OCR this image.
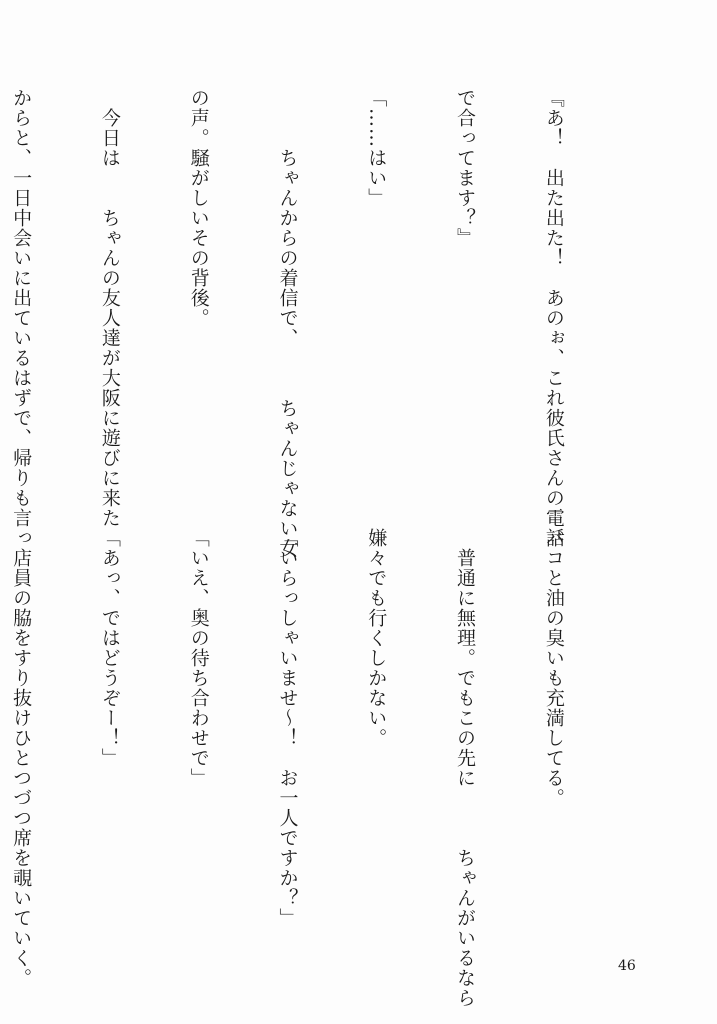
『あ！　出た出た！　あのぉ、これ彼氏さんの電話

で合ってます？』

「……はい」

　　　ちゃんからの着信で、　　　ちゃんじゃない女

の声。騒がしいその背後。

　今日は　　ちゃんの友人達が大阪に遊びに来た

からと、一日中会いに出ているはずで、帰りも言っ

バコと油の臭いも充満してる。

　普通に無理。でもこの先に　　　ちゃんがいるなら

嫌々でも行くしかない。

「いらっしゃいませ～！　お一人ですか？」

「いえ、奥の待ち合わせで」

「あっ、ではどうぞー！」

　店員の脇をすり抜けひとつづつ席を覗いていく。

	46
